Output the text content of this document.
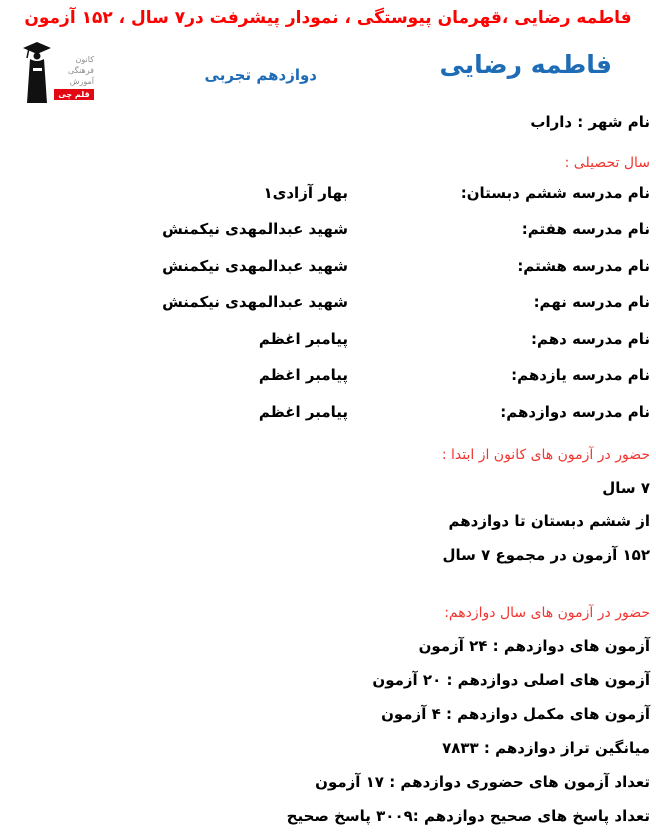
فاطمه رضایی ،قهرمان پیوستگی ، نمودار پیشرفت در۷ سال ، ۱۵۲ آزمون
کانون
فرهنگی
آموزش
قلم چی
فاطمه رضایی
دوازدهم تجربی
نام شهر : داراب
سال تحصیلی :
نام مدرسه ششم دبستان:
بهار آزادی۱
نام مدرسه هفتم:
شهید عبدالمهدی نیکمنش
نام مدرسه هشتم:
شهید عبدالمهدی نیکمنش
نام مدرسه نهم:
شهید عبدالمهدی نیکمنش
نام مدرسه دهم:
پیامبر اغظم
نام مدرسه یازدهم:
پیامبر اغظم
نام مدرسه دوازدهم:
پیامبر اغظم
حضور در آزمون های کانون از ابتدا :
۷ سال
از ششم دبستان تا دوازدهم
۱۵۲ آزمون در مجموع ۷ سال
حضور در آزمون های سال دوازدهم:
آزمون های دوازدهم : ۲۴ آزمون
آزمون های اصلی دوازدهم : ۲۰ آزمون
آزمون های مکمل دوازدهم : ۴ آزمون
میانگین تراز دوازدهم : ۷۸۳۳
تعداد آزمون های حضوری دوازدهم : ۱۷ آزمون
تعداد پاسخ های صحیح دوازدهم :۳۰۰۹ پاسخ صحیح
